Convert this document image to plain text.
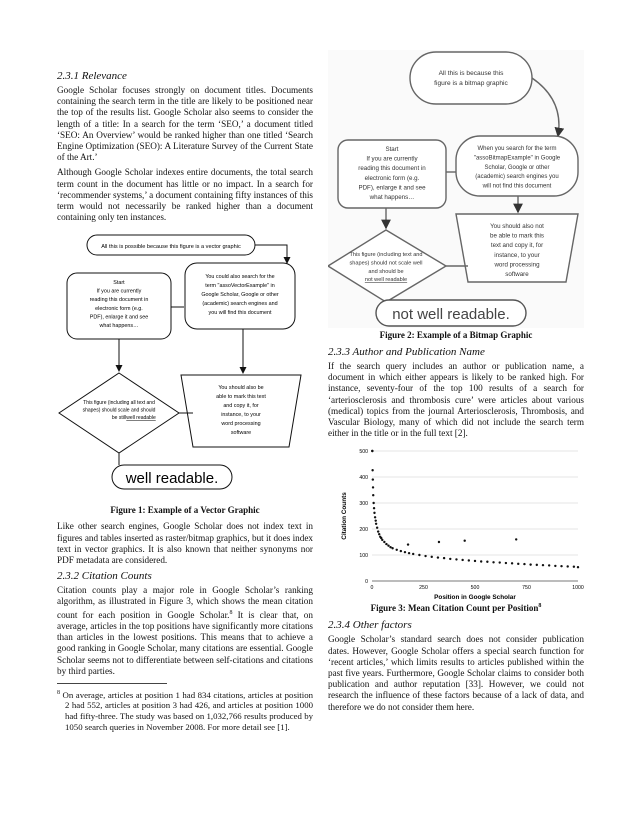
2.3.1 Relevance

Google Scholar focuses strongly on document titles. Documents containing the search term in the title are likely to be positioned near the top of the results list. Google Scholar also seems to consider the length of a title: In a search for the term ‘SEO,’ a document titled ‘SEO: An Overview’ would be ranked higher than one titled ‘Search Engine Optimization (SEO): A Literature Survey of the Current State of the Art.’

Although Google Scholar indexes entire documents, the total search term count in the document has little or no impact. In a search for ‘recommender systems,’ a document containing fifty instances of this term would not necessarily be ranked higher than a document containing only ten instances.

All this is possible because this figure is a vector graphic
Start
If you are currently
reading this document in
electronic form (e.g.
PDF), enlarge it and see
what happens…
You could also search for the
term "assoVectorExample" in
Google Scholar, Google or other
(academic) search engines and
you will find this document
This figure (including all text and
shapes) should scale and should
be still well readable
You should also be
able to mark this text
and copy it, for
instance, to your
word processing
software
well readable.
Figure 1: Example of a Vector Graphic

Like other search engines, Google Scholar does not index text in figures and tables inserted as raster/bitmap graphics, but it does index text in vector graphics. It is also known that neither synonyms nor PDF metadata are considered.

2.3.2 Citation Counts

Citation counts play a major role in Google Scholar’s ranking algorithm, as illustrated in Figure 3, which shows the mean citation count for each position in Google Scholar.$^8$ It is clear that, on average, articles in the top positions have significantly more citations than articles in the lowest positions. This means that to achieve a good ranking in Google Scholar, many citations are essential. Google Scholar seems not to differentiate between self-citations and citations by third parties.

$^8$ On average, articles at position 1 had 834 citations, articles at position 2 had 552, articles at position 3 had 426, and articles at position 1000 had fifty-three. The study was based on 1,032,766 results produced by 1050 search queries in November 2008. For more detail see [1].

All this is because this
figure is a bitmap graphic
Start
If you are currently
reading this document in
electronic form (e.g.
PDF), enlarge it and see
what happens…
When you search for the term
"assoBitmapExample" in Google
Scholar, Google or other
(academic) search engines you
will not find this document
This figure (including text and
shapes) should not scale well
and should be
not well readable
You should also not
be able to mark this
text and copy it, for
instance, to your
word processing
software
not well readable.
Figure 2: Example of a Bitmap Graphic
2.3.3 Author and Publication Name

If the search query includes an author or publication name, a document in which either appears is likely to be ranked high. For instance, seventy-four of the top 100 results of a search for ‘arteriosclerosis and thrombosis cure’ were articles about various (medical) topics from the journal Arteriosclerosis, Thrombosis, and Vascular Biology, many of which did not include the search term either in the title or in the full text [2].

0
100
200
300
400
500
0	250	500	750	1000
Position in Google Scholar
Citation Counts
Figure 3: Mean Citation Count per Position$^8$
2.3.4 Other factors

Google Scholar’s standard search does not consider publication dates. However, Google Scholar offers a special search function for ‘recent articles,’ which limits results to articles published within the past five years. Furthermore, Google Scholar claims to consider both publication and author reputation [33]. However, we could not research the influence of these factors because of a lack of data, and therefore we do not consider them here.
